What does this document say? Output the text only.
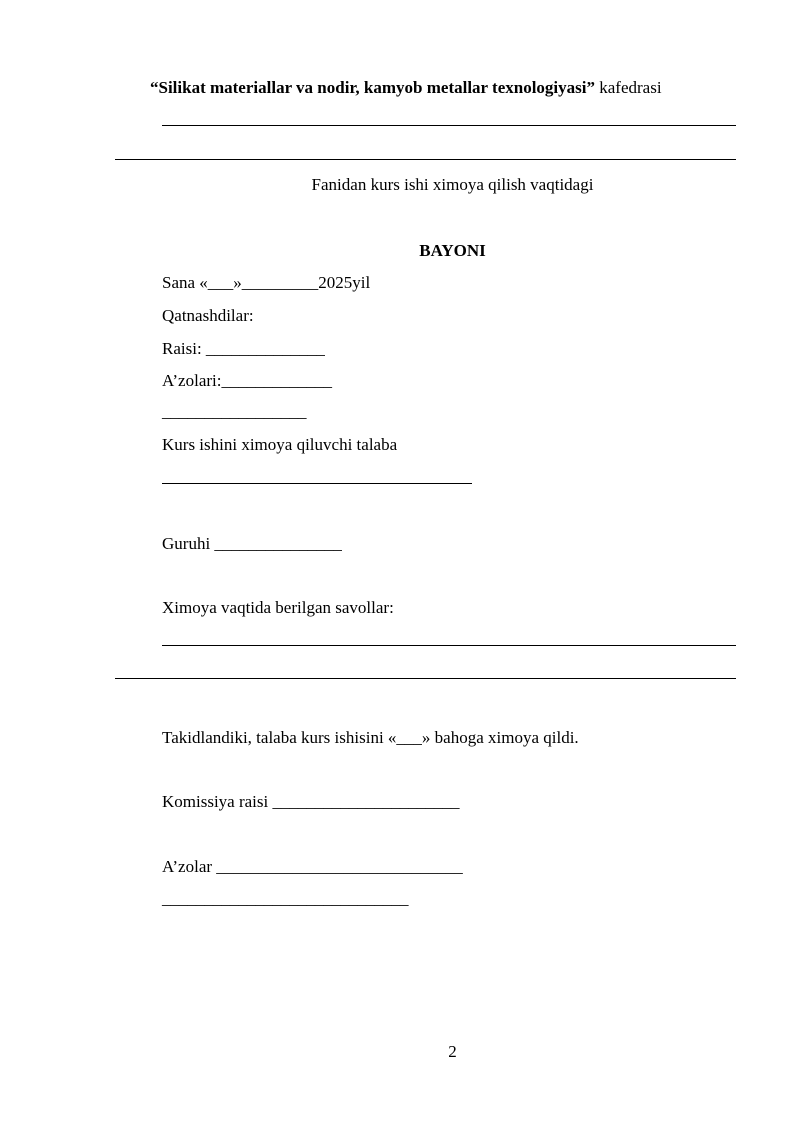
“Silikat materiallar va nodir, kamyob metallar texnologiyasi” kafedrasi
Fanidan kurs ishi ximoya qilish vaqtidagi
BAYONI
Sana «___»_________2025yil
Qatnashdilar:
Raisi: ______________
A’zolari:_____________
_________________
Kurs ishini ximoya qiluvchi talaba
Guruhi _______________
Ximoya vaqtida berilgan savollar:
Takidlandiki, talaba kurs ishisini «___» bahoga ximoya qildi.
Komissiya raisi ______________________
A’zolar _____________________________
_____________________________
2
